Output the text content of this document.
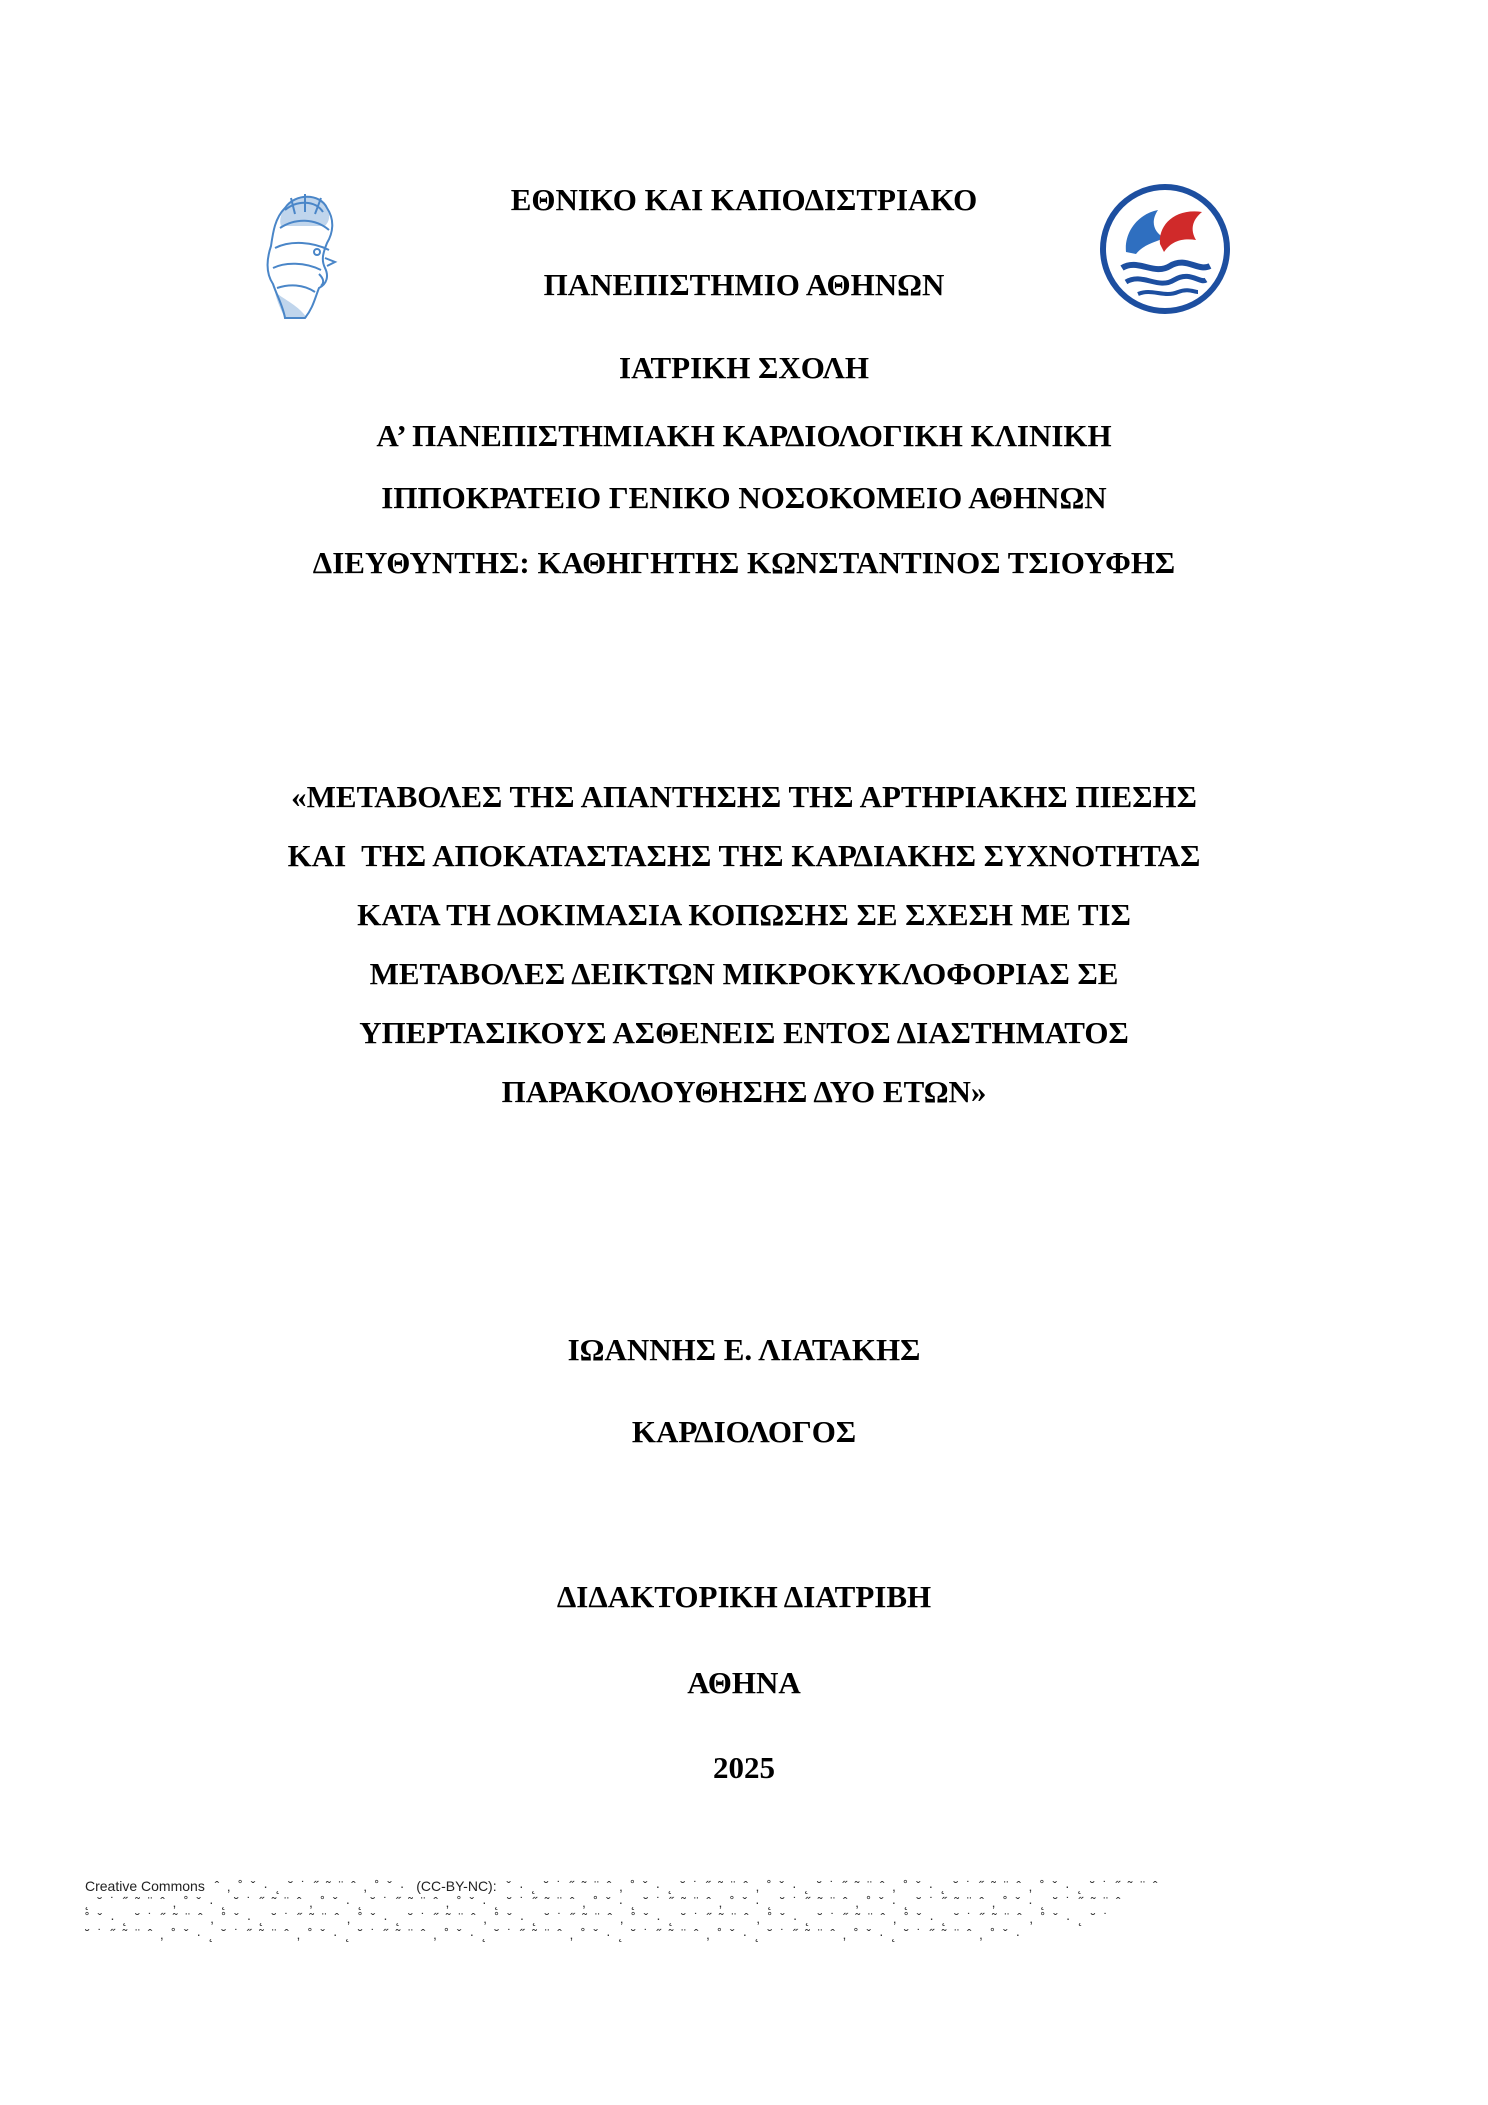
ΕΘΝΙΚΟ ΚΑΙ ΚΑΠΟΔΙΣΤΡΙΑΚΟ
ΠΑΝΕΠΙΣΤΗΜΙΟ ΑΘΗΝΩΝ
ΙΑΤΡΙΚΗ ΣΧΟΛΗ
Α’ ΠΑΝΕΠΙΣΤΗΜΙΑΚΗ ΚΑΡΔΙΟΛΟΓΙΚΗ ΚΛΙΝΙΚΗ
ΙΠΠΟΚΡΑΤΕΙΟ ΓΕΝΙΚΟ ΝΟΣΟΚΟΜΕΙΟ ΑΘΗΝΩΝ
ΔΙΕΥΘΥΝΤΗΣ: ΚΑΘΗΓΗΤΗΣ ΚΩΝΣΤΑΝΤΙΝΟΣ ΤΣΙΟΥΦΗΣ
«ΜΕΤΑΒΟΛΕΣ ΤΗΣ ΑΠΑΝΤΗΣΗΣ ΤΗΣ ΑΡΤΗΡΙΑΚΗΣ ΠΙΕΣΗΣ
ΚΑΙ  ΤΗΣ ΑΠΟΚΑΤΑΣΤΑΣΗΣ ΤΗΣ ΚΑΡΔΙΑΚΗΣ ΣΥΧΝΟΤΗΤΑΣ
ΚΑΤΑ ΤΗ ΔΟΚΙΜΑΣΙΑ ΚΟΠΩΣΗΣ ΣΕ ΣΧΕΣΗ ΜΕ ΤΙΣ
ΜΕΤΑΒΟΛΕΣ ΔΕΙΚΤΩΝ ΜΙΚΡΟΚΥΚΛΟΦΟΡΙΑΣ ΣΕ
ΥΠΕΡΤΑΣΙΚΟΥΣ ΑΣΘΕΝΕΙΣ ΕΝΤΟΣ ΔΙΑΣΤΗΜΑΤΟΣ
ΠΑΡΑΚΟΛΟΥΘΗΣΗΣ ΔΥΟ ΕΤΩΝ»
ΙΩΑΝΝΗΣ Ε. ΛΙΑΤΑΚΗΣ
ΚΑΡΔΙΟΛΟΓΟΣ
ΔΙΔΑΚΤΟΡΙΚΗ ΔΙΑΤΡΙΒΗ
ΑΘΗΝΑ
2025
Creative Commons  ˆ ‚ ˚ ˇ · ˛ ˘ ˙ ˝ ˜ ¨ ˆ ‚ ˚ ˇ ·  (CC-BY-NC):  ˇ · ˛ ˘ ˙ ˝ ˜ ¨ ˆ ‚ ˚ ˇ · ˛ ˘ ˙ ˝ ˜ ¨ ˆ ‚ ˚ ˇ · ˛ ˘ ˙ ˝ ˜ ¨ ˆ ‚ ˚ ˇ · ˛ ˘ ˙ ˝ ˜ ¨ ˆ ‚ ˚ ˇ · ˛ ˘ ˙ ˝ ˜ ¨ ˆ
˛ ˘ ˙ ˝ ˜ ¨ ˆ ‚ ˚ ˇ · ˛ ˘ ˙ ˝ ˜ ¨ ˆ ‚ ˚ ˇ · ˛ ˘ ˙ ˝ ˜ ¨ ˆ ‚ ˚ ˇ · ˛ ˘ ˙ ˝ ˜ ¨ ˆ ‚ ˚ ˇ · ˛ ˘ ˙ ˝ ˜ ¨ ˆ ‚ ˚ ˇ · ˛ ˘ ˙ ˝ ˜ ¨ ˆ ‚ ˚ ˇ · ˛ ˘ ˙ ˝ ˜ ¨ ˆ ‚ ˚ ˇ · ˛ ˘ ˙ ˝ ˜ ¨ ˆ
˚ ˇ · ˛ ˘ ˙ ˝ ˜ ¨ ˆ ‚ ˚ ˇ · ˛ ˘ ˙ ˝ ˜ ¨ ˆ ‚ ˚ ˇ · ˛ ˘ ˙ ˝ ˜ ¨ ˆ ‚ ˚ ˇ · ˛ ˘ ˙ ˝ ˜ ¨ ˆ ‚ ˚ ˇ · ˛ ˘ ˙ ˝ ˜ ¨ ˆ ‚ ˚ ˇ · ˛ ˘ ˙ ˝ ˜ ¨ ˆ ‚ ˚ ˇ · ˛ ˘ ˙ ˝ ˜ ¨ ˆ ‚ ˚ ˇ · ˛ ˘ ˙
˘ ˙ ˝ ˜ ¨ ˆ ‚ ˚ ˇ · ˛ ˘ ˙ ˝ ˜ ¨ ˆ ‚ ˚ ˇ · ˛ ˘ ˙ ˝ ˜ ¨ ˆ ‚ ˚ ˇ · ˛ ˘ ˙ ˝ ˜ ¨ ˆ ‚ ˚ ˇ · ˛ ˘ ˙ ˝ ˜ ¨ ˆ ‚ ˚ ˇ · ˛ ˘ ˙ ˝ ˜ ¨ ˆ ‚ ˚ ˇ · ˛ ˘ ˙ ˝ ˜ ¨ ˆ ‚ ˚ ˇ ·
